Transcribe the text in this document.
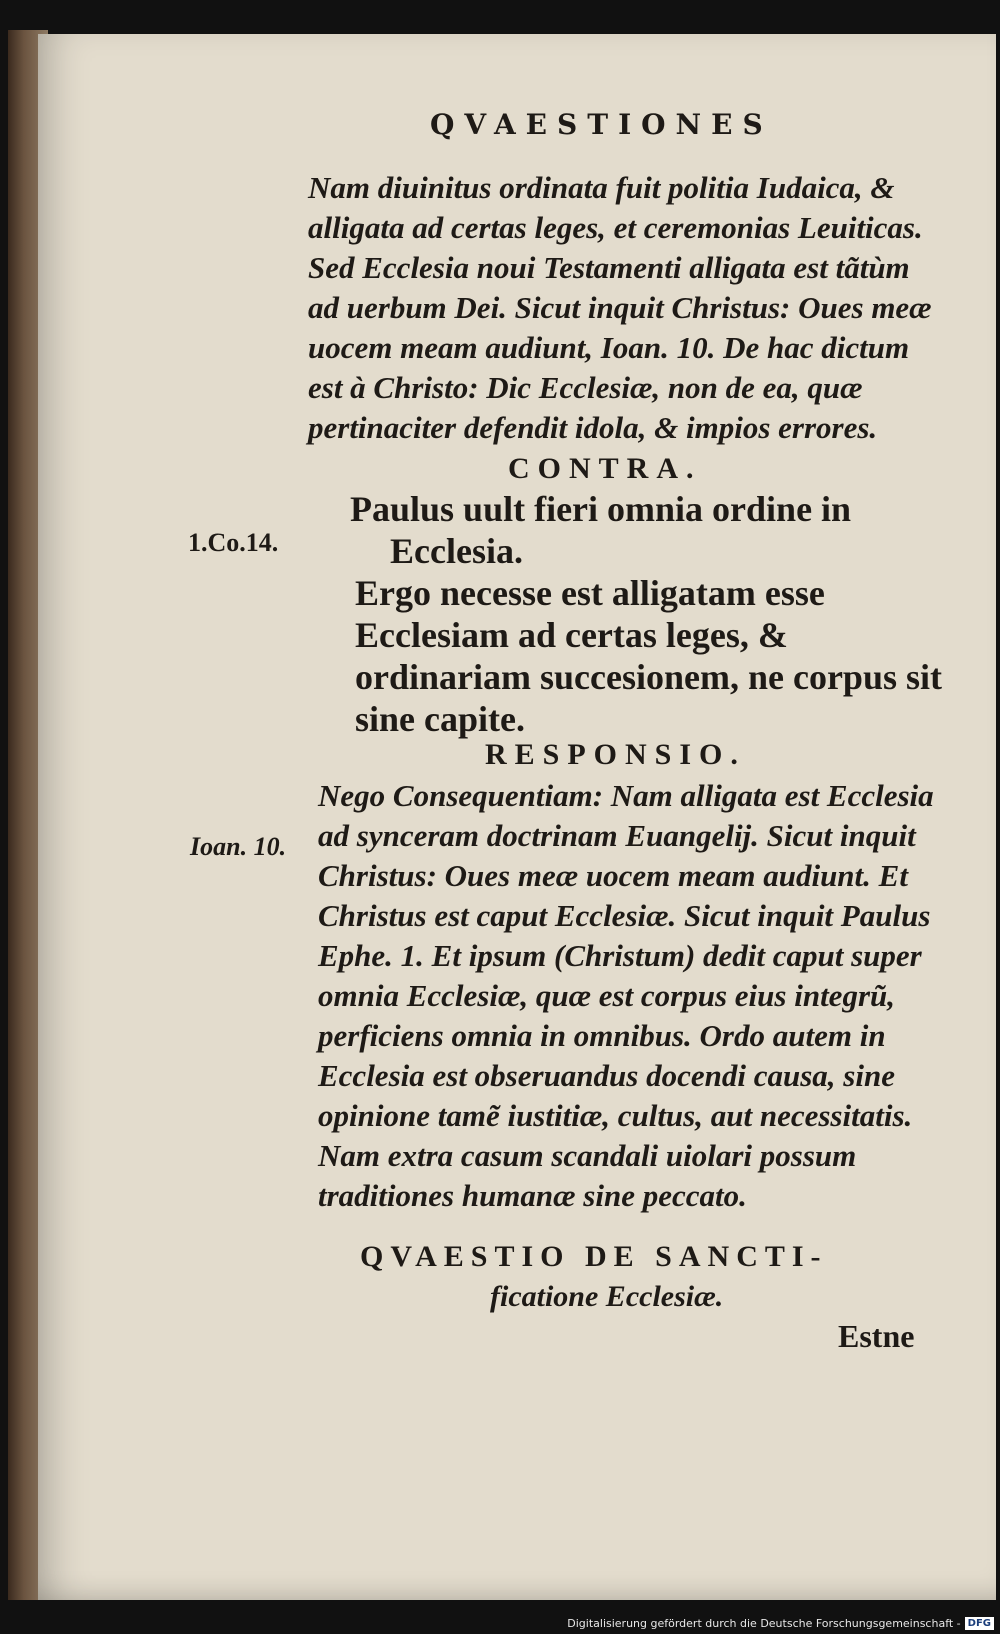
QVAESTIONES
Nam diuinitus ordinata fuit politia Iudaica, & alligata ad certas leges, et ceremonias Leuiticas. Sed Ecclesia noui Testamenti alligata est tãtùm ad uerbum Dei. Sicut inquit Christus: Oues meæ uocem meam audiunt, Ioan. 10. De hac dictum est à Christo: Dic Ecclesiæ, non de ea, quæ pertinaciter defendit idola, & impios errores.
CONTRA.
1.Co.14.

Paulus uult fieri omnia ordine in

Ecclesia.

Ergo necesse est alligatam esse Ecclesiam ad certas leges, & ordinariam succesionem, ne corpus sit sine capite.

RESPONSIO.
Ioan. 10.
Nego Consequentiam: Nam alligata est Ecclesia ad synceram doctrinam Euangelij. Sicut inquit Christus: Oues meæ uocem meam audiunt. Et Christus est caput Ecclesiæ. Sicut inquit Paulus Ephe. 1. Et ipsum (Christum) dedit caput super omnia Ecclesiæ, quæ est corpus eius integrũ, perficiens omnia in omnibus. Ordo autem in Ecclesia est obseruandus docendi causa, sine opinione tamẽ iustitiæ, cultus, aut necessitatis. Nam extra casum scandali uiolari possum traditiones humanæ sine peccato.
QVAESTIO DE SANCTI-
ficatione Ecclesiæ.
Estne
Digitalisierung gefördert durch die Deutsche Forschungsgemeinschaft - DFG
